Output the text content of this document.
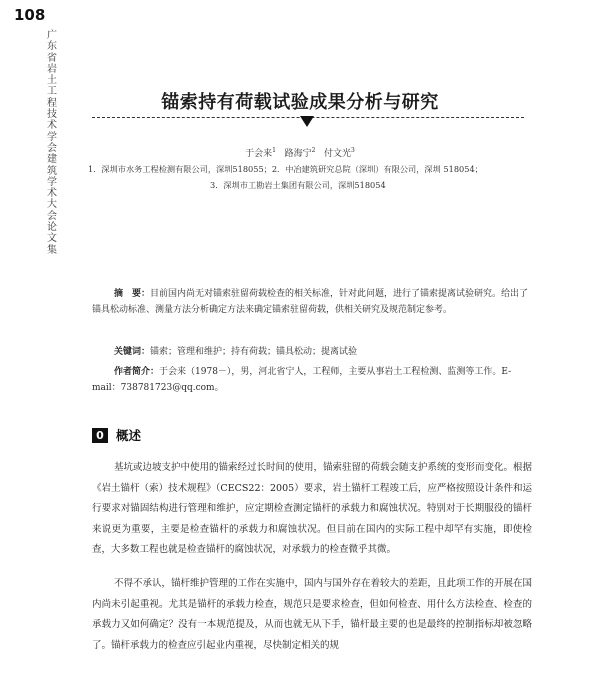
108
广东省岩土工程技术学会建筑学术大会论文集
锚索持有荷载试验成果分析与研究
于会来$^1$ 路海宁$^2$ 付文光$^3$
1．深圳市水务工程检测有限公司，深圳518055；2．中冶建筑研究总院（深圳）有限公司，深圳 518054；
3．深圳市工勘岩土集团有限公司，深圳518054
摘　要：目前国内尚无对锚索驻留荷载检查的相关标准，针对此问题，进行了锚索提离试验研究。给出了锚具松动标准、测量方法分析确定方法来确定锚索驻留荷载，供相关研究及规范制定参考。
关键词：锚索；管理和维护；持有荷载；锚具松动；提离试验
作者简介：于会来（1978－），男，河北省宁人，工程师，主要从事岩土工程检测、监测等工作。E-mail：738781723@qq.com。
0 概述
基坑或边坡支护中使用的锚索经过长时间的使用，锚索驻留的荷载会随支护系统的变形而变化。根据《岩土锚杆（索）技术规程》（CECS22：2005）要求，岩土锚杆工程竣工后，应严格按照设计条件和运行要求对锚固结构进行管理和维护，应定期检查测定锚杆的承载力和腐蚀状况。特别对于长期服役的锚杆来说更为重要，主要是检查锚杆的承载力和腐蚀状况。但目前在国内的实际工程中却罕有实施，即使检查，大多数工程也就是检查锚杆的腐蚀状况，对承载力的检查微乎其微。
不得不承认，锚杆维护管理的工作在实施中，国内与国外存在着较大的差距，且此项工作的开展在国内尚未引起重视。尤其是锚杆的承载力检查，规范只是要求检查，但如何检查、用什么方法检查、检查的承载力又如何确定？没有一本规范提及，从而也就无从下手，锚杆最主要的也是最终的控制指标却被忽略了。锚杆承载力的检查应引起业内重视，尽快制定相关的规
